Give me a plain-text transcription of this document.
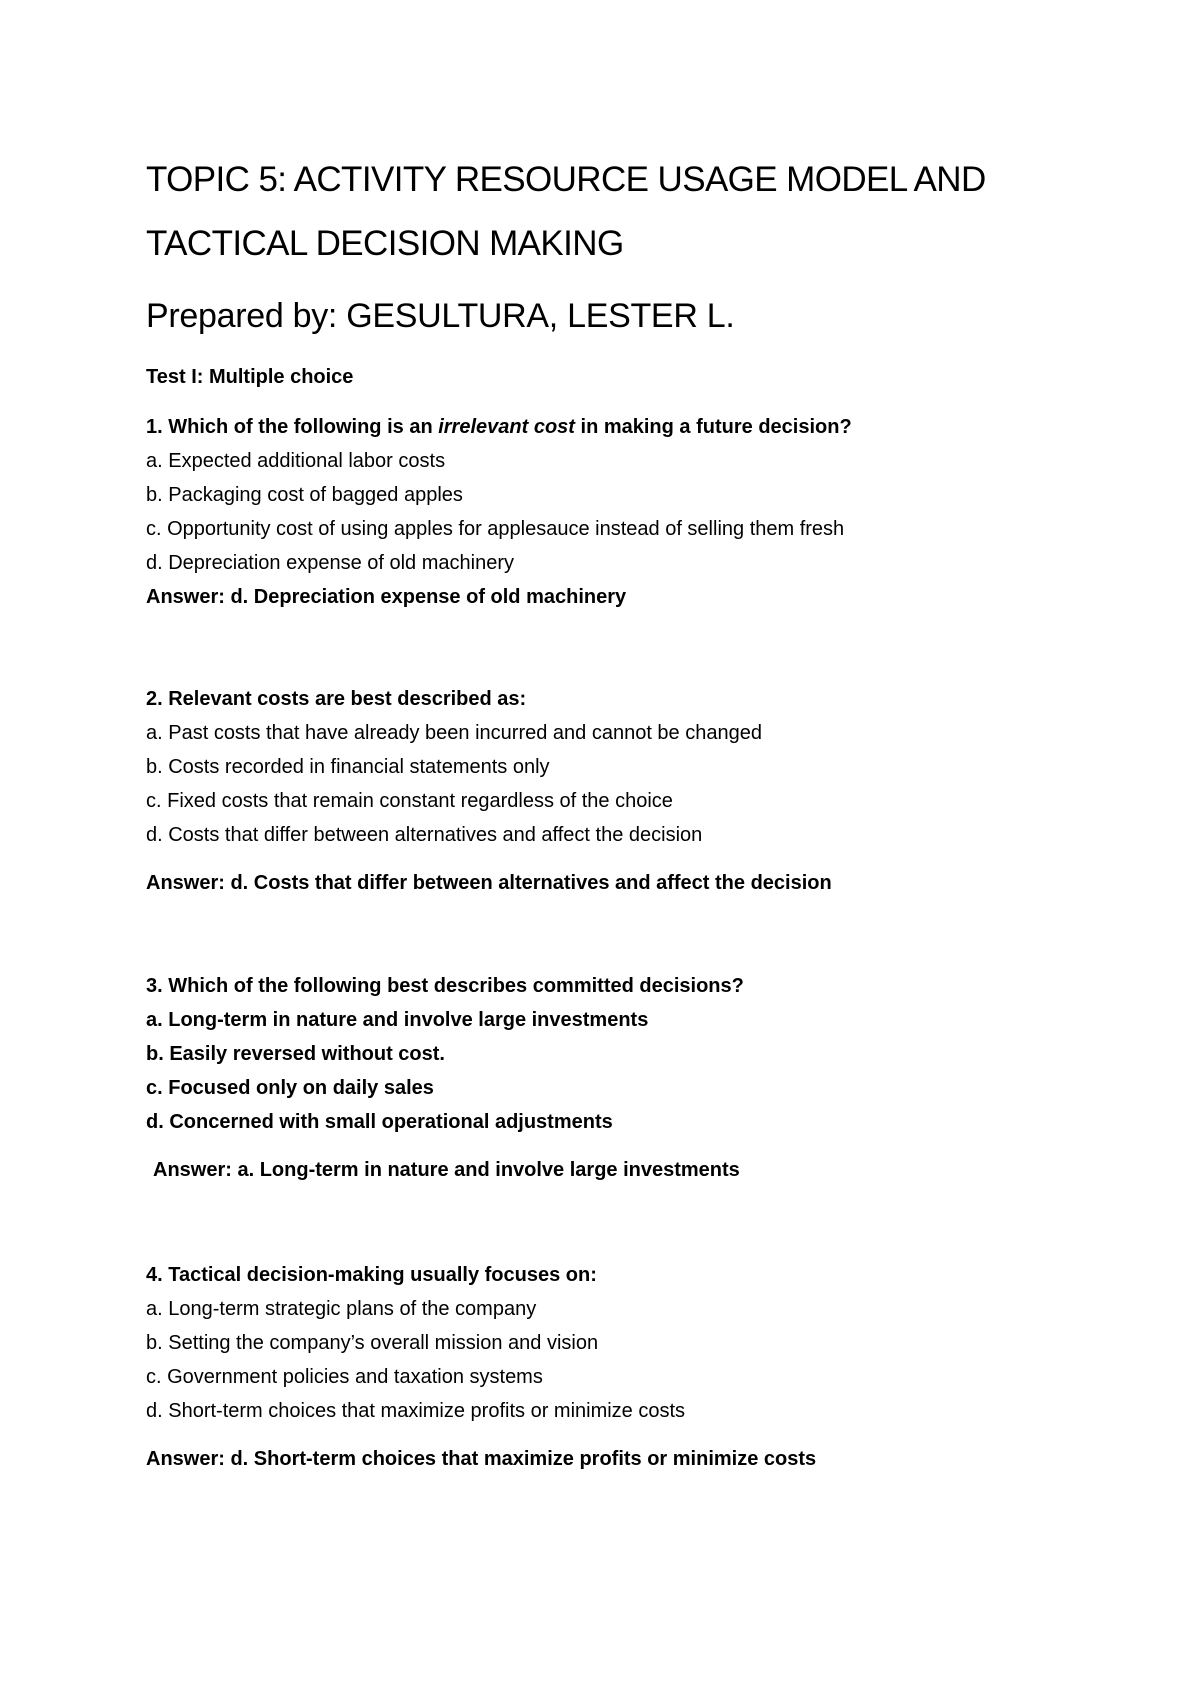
TOPIC 5: ACTIVITY RESOURCE USAGE MODEL AND
TACTICAL DECISION MAKING
Prepared by: GESULTURA, LESTER L.
Test I: Multiple choice
1. Which of the following is an irrelevant cost in making a future decision?
a. Expected additional labor costs
b. Packaging cost of bagged apples
c. Opportunity cost of using apples for applesauce instead of selling them fresh
d. Depreciation expense of old machinery
Answer: d. Depreciation expense of old machinery
2. Relevant costs are best described as:
a. Past costs that have already been incurred and cannot be changed
b. Costs recorded in financial statements only
c. Fixed costs that remain constant regardless of the choice
d. Costs that differ between alternatives and affect the decision
Answer: d. Costs that differ between alternatives and affect the decision
3. Which of the following best describes committed decisions?
a. Long-term in nature and involve large investments
b. Easily reversed without cost.
c. Focused only on daily sales
d. Concerned with small operational adjustments
Answer: a. Long-term in nature and involve large investments
4. Tactical decision-making usually focuses on:
a. Long-term strategic plans of the company
b. Setting the company’s overall mission and vision
c. Government policies and taxation systems
d. Short-term choices that maximize profits or minimize costs
Answer: d. Short-term choices that maximize profits or minimize costs
